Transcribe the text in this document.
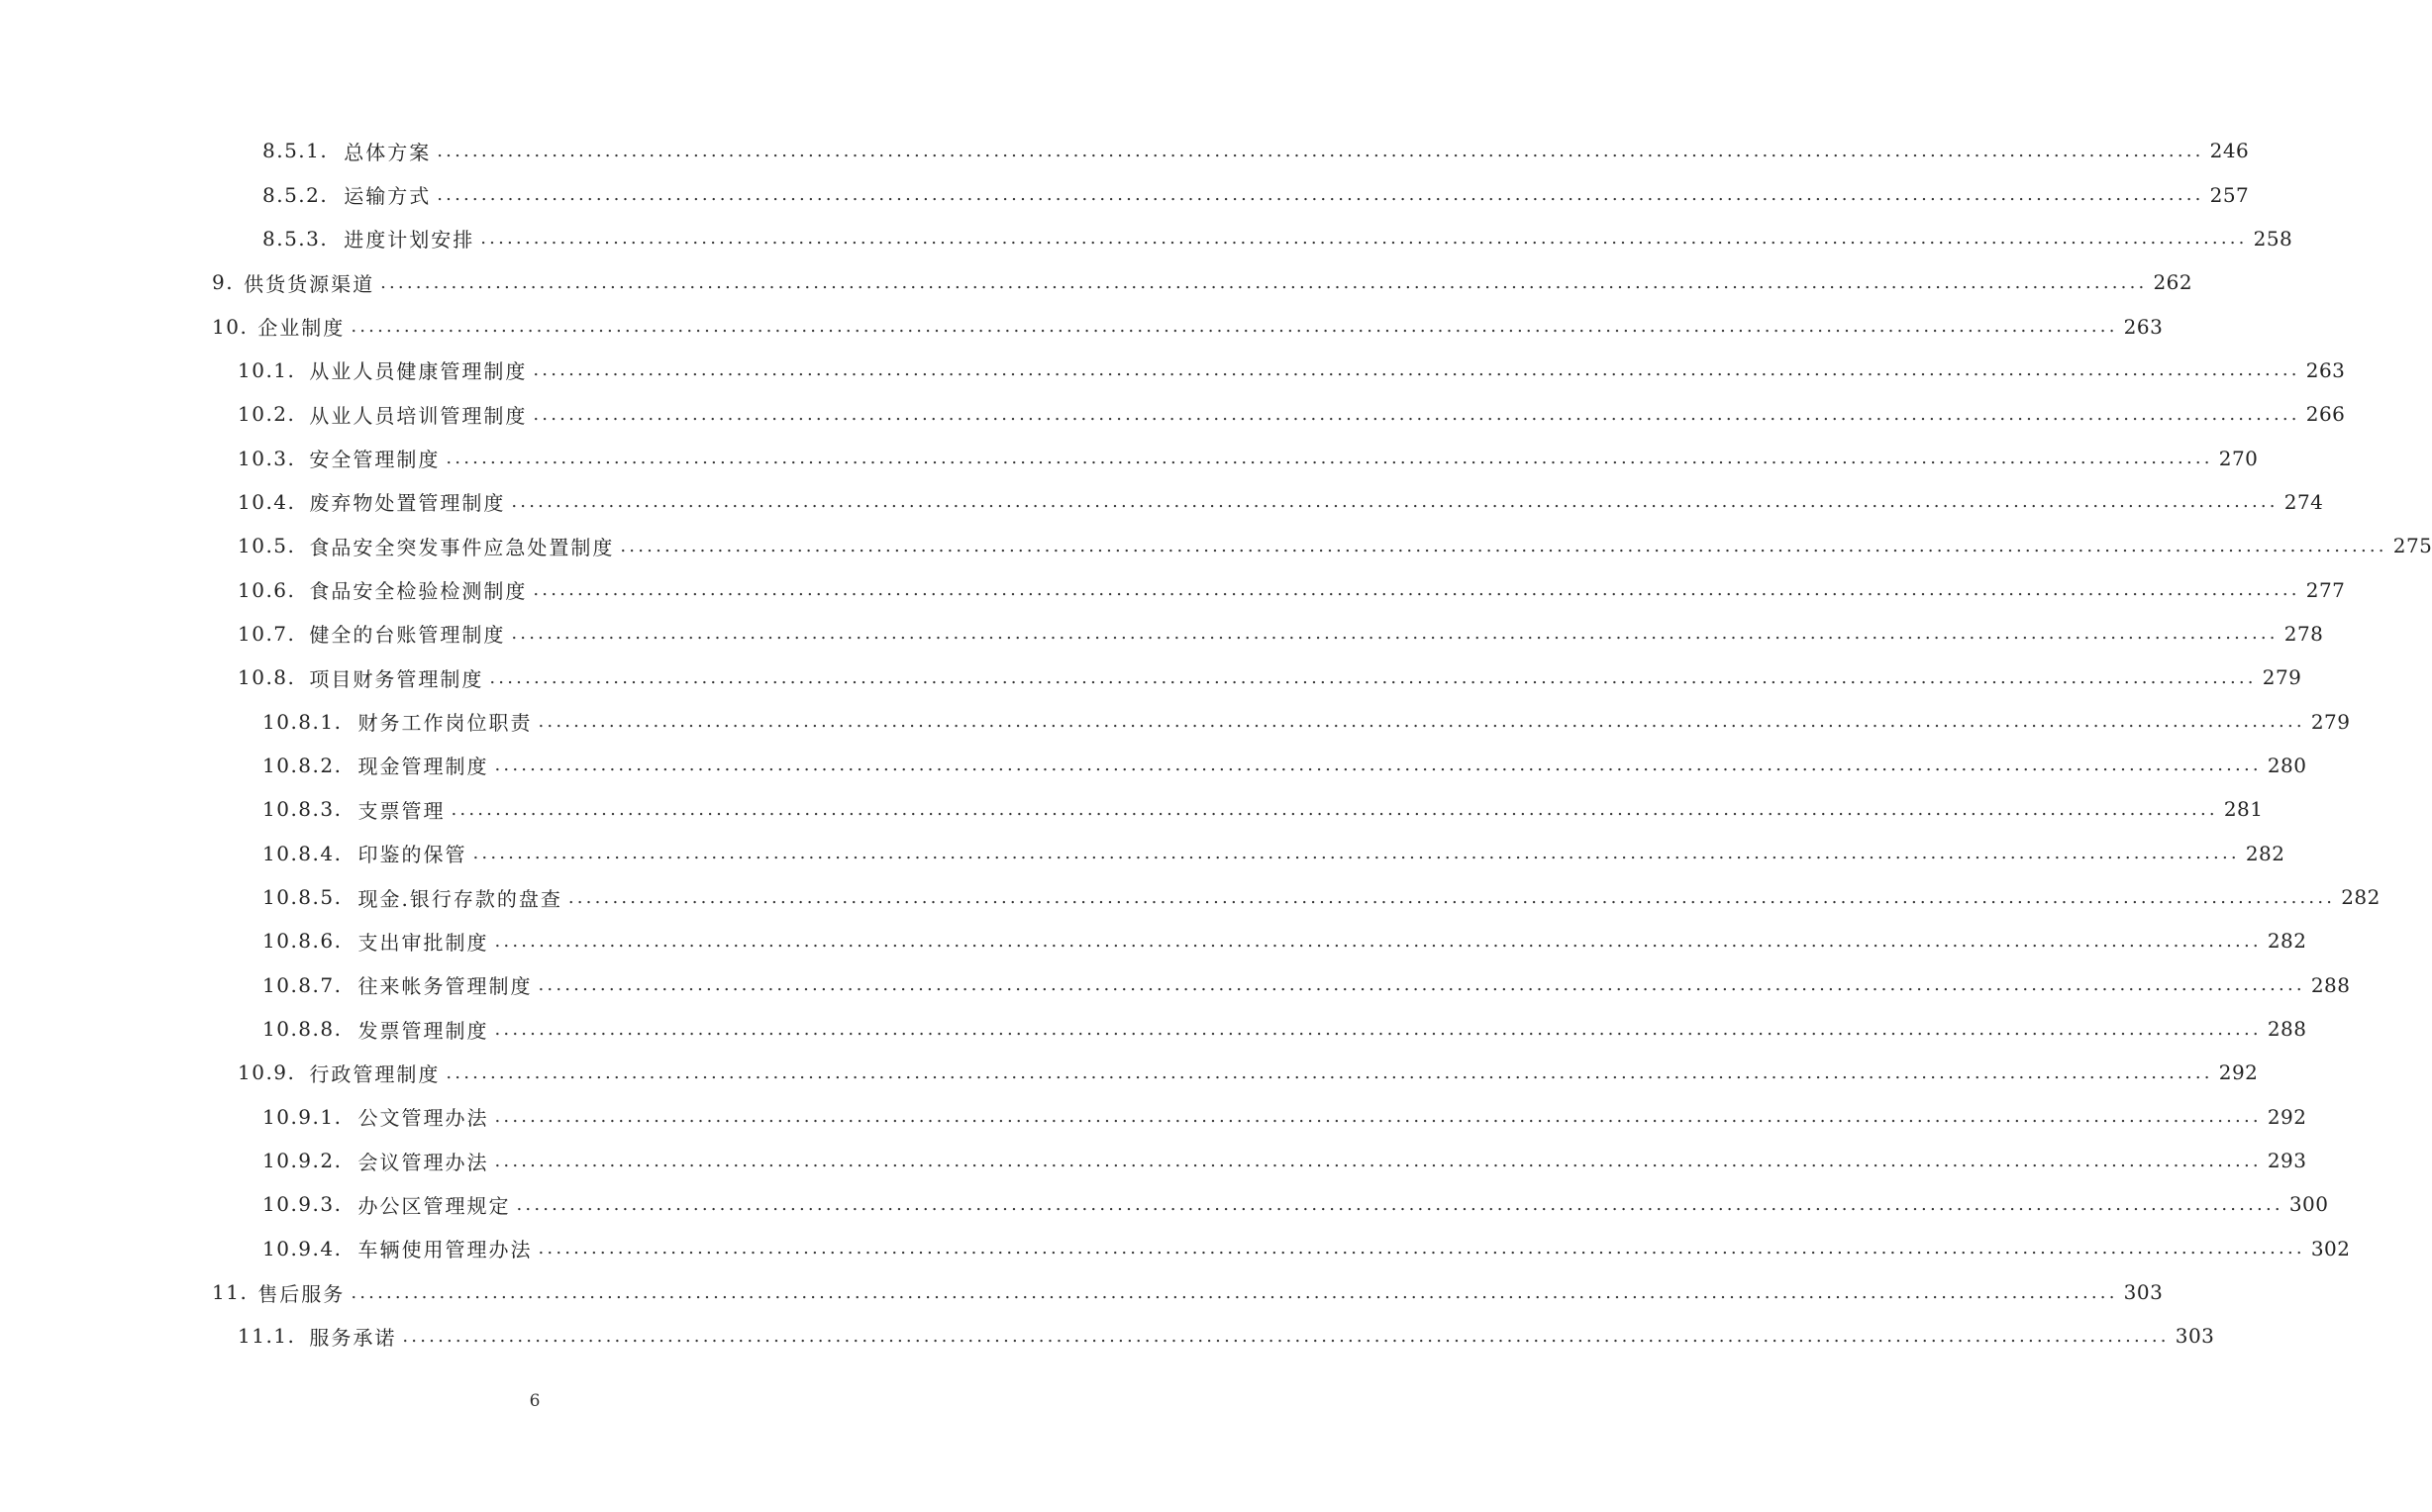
8.5.1. 总体方案 ........................................................................................................................................................................................................ 246
8.5.2. 运输方式 ........................................................................................................................................................................................................ 257
8.5.3. 进度计划安排 ........................................................................................................................................................................................................ 258
9. 供货货源渠道 ........................................................................................................................................................................................................ 262
10. 企业制度 ........................................................................................................................................................................................................ 263
10.1. 从业人员健康管理制度 ........................................................................................................................................................................................................ 263
10.2. 从业人员培训管理制度 ........................................................................................................................................................................................................ 266
10.3. 安全管理制度 ........................................................................................................................................................................................................ 270
10.4. 废弃物处置管理制度 ........................................................................................................................................................................................................ 274
10.5. 食品安全突发事件应急处置制度 ........................................................................................................................................................................................................ 275
10.6. 食品安全检验检测制度 ........................................................................................................................................................................................................ 277
10.7. 健全的台账管理制度 ........................................................................................................................................................................................................ 278
10.8. 项目财务管理制度 ........................................................................................................................................................................................................ 279
10.8.1. 财务工作岗位职责 ........................................................................................................................................................................................................ 279
10.8.2. 现金管理制度 ........................................................................................................................................................................................................ 280
10.8.3. 支票管理 ........................................................................................................................................................................................................ 281
10.8.4. 印鉴的保管 ........................................................................................................................................................................................................ 282
10.8.5. 现金.银行存款的盘查 ........................................................................................................................................................................................................ 282
10.8.6. 支出审批制度 ........................................................................................................................................................................................................ 282
10.8.7. 往来帐务管理制度 ........................................................................................................................................................................................................ 288
10.8.8. 发票管理制度 ........................................................................................................................................................................................................ 288
10.9. 行政管理制度 ........................................................................................................................................................................................................ 292
10.9.1. 公文管理办法 ........................................................................................................................................................................................................ 292
10.9.2. 会议管理办法 ........................................................................................................................................................................................................ 293
10.9.3. 办公区管理规定 ........................................................................................................................................................................................................ 300
10.9.4. 车辆使用管理办法 ........................................................................................................................................................................................................ 302
11. 售后服务 ........................................................................................................................................................................................................ 303
11.1. 服务承诺 ........................................................................................................................................................................................................ 303
6
